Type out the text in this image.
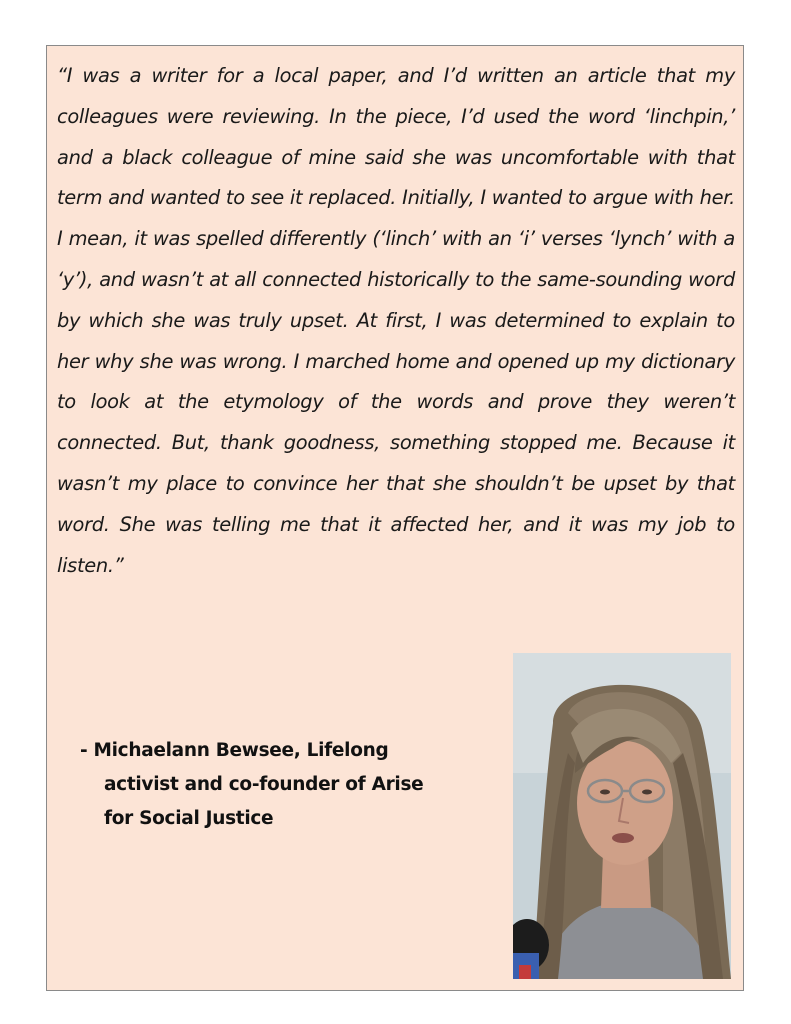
“I was a writer for a local paper, and I’d written an article that my colleagues were reviewing. In the piece, I’d used the word ‘linchpin,’ and a black colleague of mine said she was uncomfortable with that term and wanted to see it replaced. Initially, I wanted to argue with her. I mean, it was spelled differently (‘linch’ with an ‘i’ verses ‘lynch’ with a ‘y’), and wasn’t at all connected historically to the same-sounding word by which she was truly upset. At first, I was determined to explain to her why she was wrong. I marched home and opened up my dictionary to look at the etymology of the words and prove they weren’t connected. But, thank goodness, something stopped me. Because it wasn’t my place to convince her that she shouldn’t be upset by that word. She was telling me that it affected her, and it was my job to listen.”

- Michaelann Bewsee, Lifelong
activist and co-founder of Arise
for Social Justice
